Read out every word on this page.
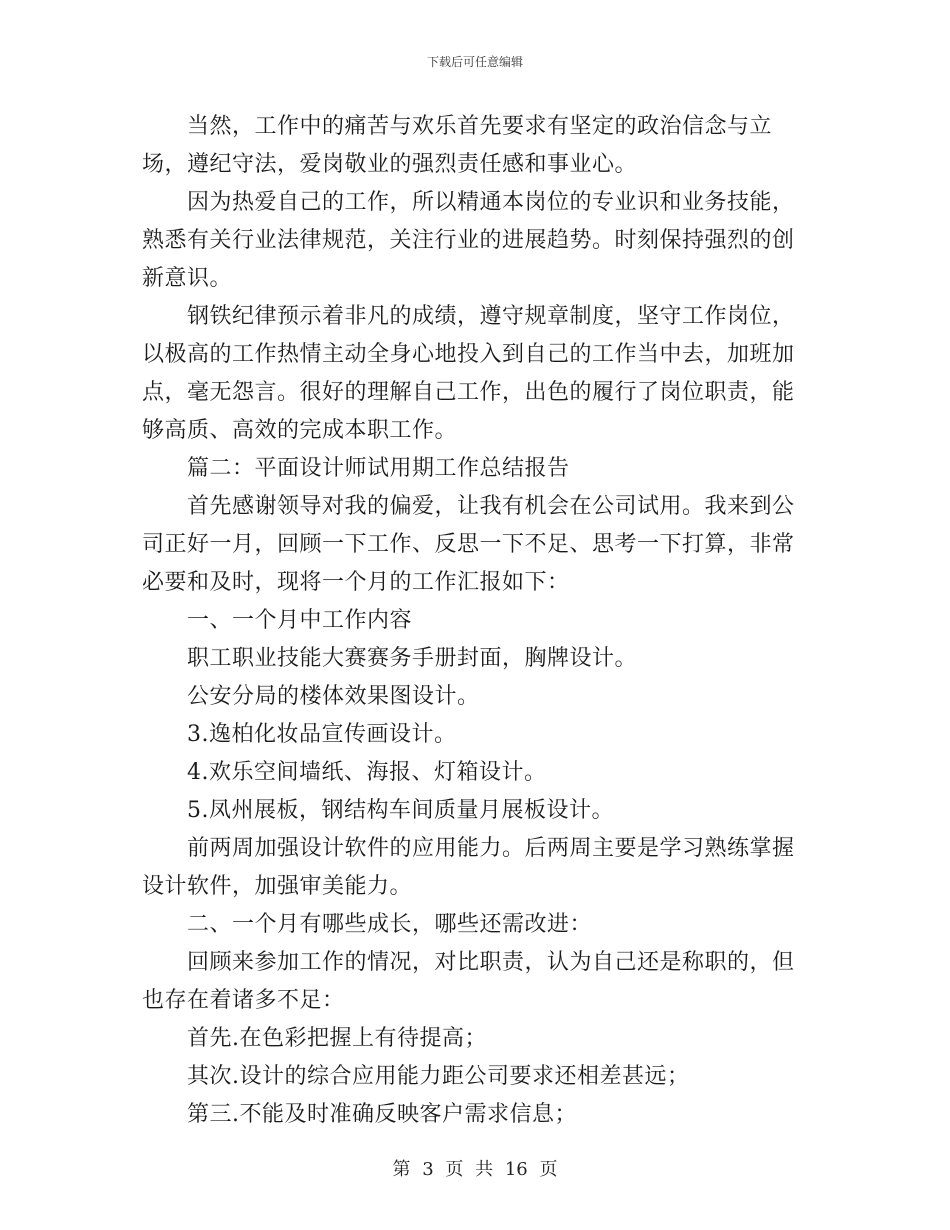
下载后可任意编辑

当然，工作中的痛苦与欢乐首先要求有坚定的政治信念与立场，遵纪守法，爱岗敬业的强烈责任感和事业心。

因为热爱自己的工作，所以精通本岗位的专业识和业务技能，熟悉有关行业法律规范，关注行业的进展趋势。时刻保持强烈的创新意识。

钢铁纪律预示着非凡的成绩，遵守规章制度，坚守工作岗位，以极高的工作热情主动全身心地投入到自己的工作当中去，加班加点，毫无怨言。很好的理解自己工作，出色的履行了岗位职责，能够高质、高效的完成本职工作。

篇二：平面设计师试用期工作总结报告

首先感谢领导对我的偏爱，让我有机会在公司试用。我来到公司正好一月，回顾一下工作、反思一下不足、思考一下打算，非常必要和及时，现将一个月的工作汇报如下：

一、一个月中工作内容

职工职业技能大赛赛务手册封面，胸牌设计。

公安分局的楼体效果图设计。

3.逸柏化妆品宣传画设计。

4.欢乐空间墙纸、海报、灯箱设计。

5.凤州展板，钢结构车间质量月展板设计。

前两周加强设计软件的应用能力。后两周主要是学习熟练掌握设计软件，加强审美能力。

二、一个月有哪些成长，哪些还需改进：

回顾来参加工作的情况，对比职责，认为自己还是称职的，但也存在着诸多不足：

首先.在色彩把握上有待提高；

其次.设计的综合应用能力距公司要求还相差甚远；

第三.不能及时准确反映客户需求信息；

第 3 页 共 16 页
